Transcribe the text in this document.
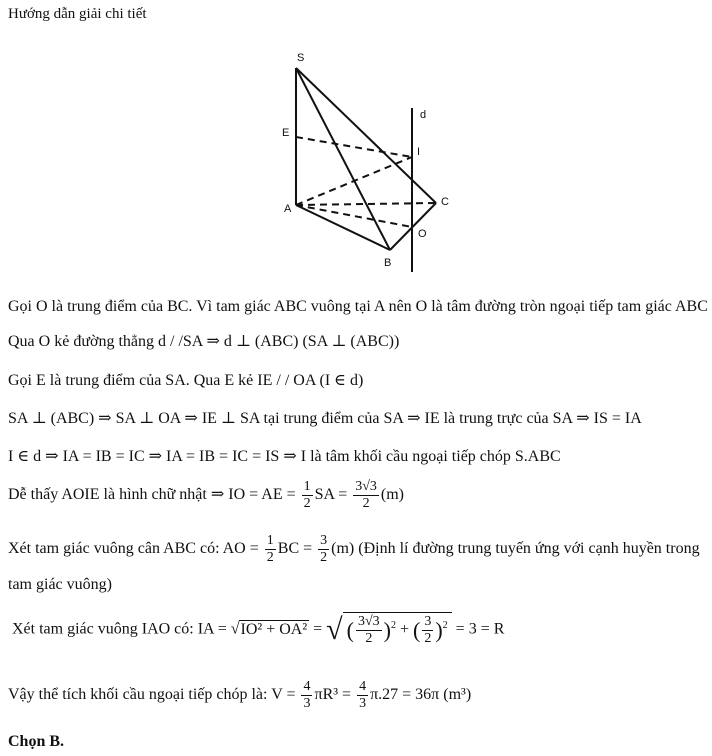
Hướng dẫn giải chi tiết
S
E
A
B
C
O
I
d
Gọi O là trung điểm của BC. Vì tam giác ABC vuông tại A nên O là tâm đường tròn ngoại tiếp tam giác ABC
Qua O kẻ đường thẳng d / /SA ⇒ d ⊥ (ABC) (SA ⊥ (ABC))
Gọi E là trung điểm của SA. Qua E kẻ IE / / OA (I ∈ d)
SA ⊥ (ABC) ⇒ SA ⊥ OA ⇒ IE ⊥ SA tại trung điểm của SA ⇒ IE là trung trực của SA ⇒ IS = IA
I ∈ d ⇒ IA = IB = IC ⇒ IA = IB = IC = IS ⇒ I là tâm khối cầu ngoại tiếp chóp S.ABC
Dễ thấy AOIE là hình chữ nhật ⇒ IO = AE = $\frac{1}{2}$ SA = $\frac{3√3}{2} (m)$
Xét tam giác vuông cân ABC có: AO = $\frac{1}{2}$ BC = $\frac{3}{2} (m)$ (Định lí đường trung tuyến ứng với cạnh huyền trong
tam giác vuông)
Xét tam giác vuông IAO có: IA = √IO² + OA² = √ ( $\frac{3√3}{2} )^2$ + ( $\frac{3}{2} )^2 = 3 = R$
Vậy thể tích khối cầu ngoại tiếp chóp là: $V = \frac{4}{3} \pi R^3 = \frac{4}{3} \pi.27 = 36\pi$ (m³)
Chọn B.
